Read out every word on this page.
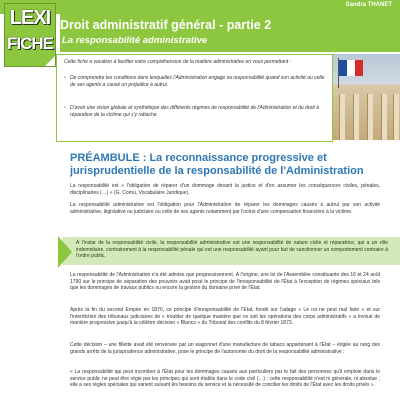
Sandra THANET
LEXI
FICHE
Droit administratif général - partie 2
La responsabilité administrative
Cette fiche a vocation à faciliter votre compréhension de la matière administrative en vous permettant :
• De comprendre les conditions dans lesquelles l'Administration engage sa responsabilité quand son activité ou celle de ses agents a causé un préjudice à autrui.
• D'avoir une vision globale et synthétique des différents régimes de responsabilité de l'Administration et du droit à réparation de la victime qui s'y rattache.
PRÉAMBULE : La reconnaissance progressive et jurisprudentielle de la responsabilité de l'Administration
La responsabilité est « l'obligation de réparer d'un dommage devant la justice et d'en assumer les conséquences civiles, pénales, disciplinaires (…) » (G. Cornu, Vocabulaire Juridique).
La responsabilité administrative est l'obligation pour l'Administration de réparer les dommages causés à autrui par son activité administrative, législative ou judiciaire ou celle de ses agents notamment par l'octroi d'une compensation financière à la victime.
À l'instar de la responsabilité civile, la responsabilité administrative est une responsabilité de nature civile et réparatrice, qui a un rôle indemnitaire, contrairement à la responsabilité pénale qui est une responsabilité ayant pour but de sanctionner un comportement contraire à l'ordre public.
La responsabilité de l'Administration n'a été admise que progressivement. À l'origine, une loi de l'Assemblée constituante des 16 et 24 août 1790 sur le principe de séparation des pouvoirs avait posé le principe de l'irresponsabilité de l'État à l'exception de régimes spéciaux tels que les dommages de travaux publics ou encore la gestion du domaine privé de l'État.
Après la fin du second Empire en 1870, ce principe d'irresponsabilité de l'État, fondé sur l'adage « Le roi ne peut mal faire » et sur l'interdiction des tribunaux judiciaires de « troubler de quelque manière que ce soit les opérations des corps administratifs » a évolué de manière progressive jusqu'à la célèbre décision « Blanco » du Tribunal des conflits du 8 février 1873.
Cette décision – une fillette avait été renversée par un wagonnet d'une manufacture de tabacs appartenant à l'État – érigée au rang des grands arrêts de la jurisprudence administrative, pose le principe de l'autonomie du droit de la responsabilité administrative :
« La responsabilité qui peut incomber à l'État pour les dommages causés aux particuliers par le fait des personnes qu'il emploie dans le service public ne peut être régie par les principes qui sont établis dans le code civil (…) ; cette responsabilité n'est ni générale, ni absolue ; elle a ses règles spéciales qui varient suivant les besoins du service et la nécessité de concilier les droits de l'État avec les droits privés ».
